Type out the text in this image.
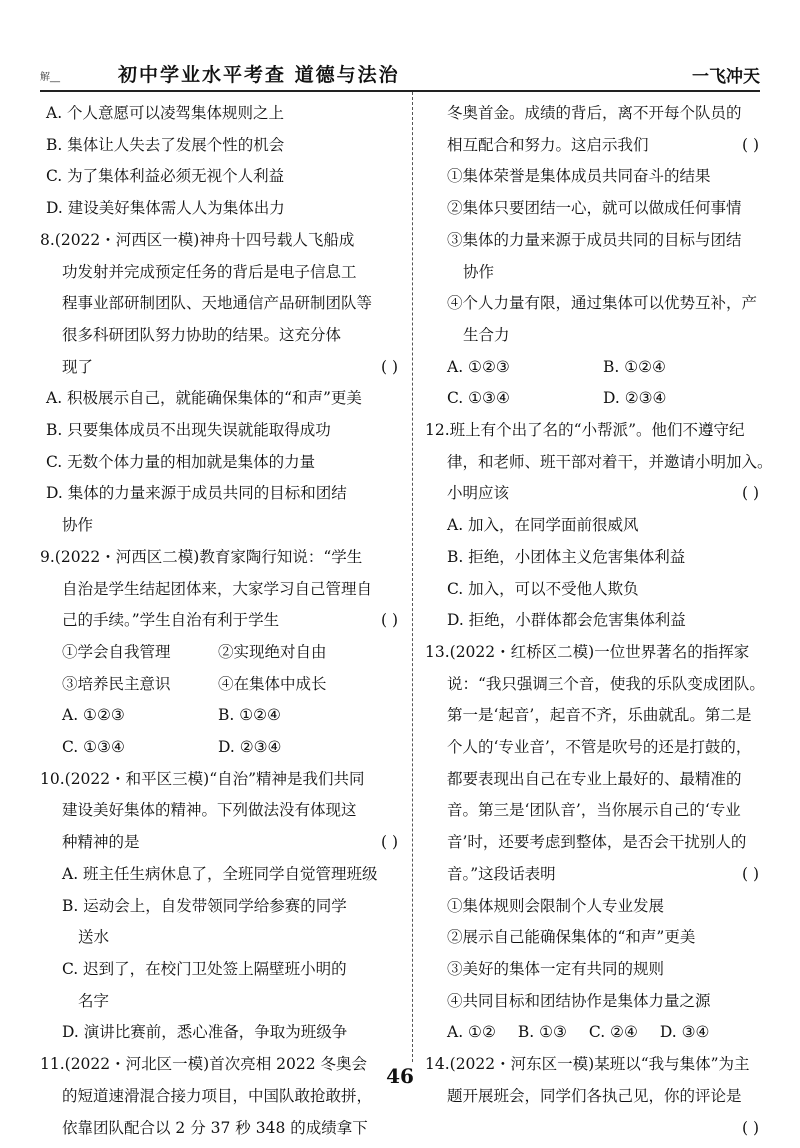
解__	初中学业水平考查 道德与法治	一飞冲天
A. 个人意愿可以凌驾集体规则之上
B. 集体让人失去了发展个性的机会
C. 为了集体利益必须无视个人利益
D. 建设美好集体需人人为集体出力
8.(2022・河西区一模)神舟十四号载人飞船成
功发射并完成预定任务的背后是电子信息工
程事业部研制团队、天地通信产品研制团队等
很多科研团队努力协助的结果。这充分体
( )
现了
A. 积极展示自己，就能确保集体的“和声”更美
B. 只要集体成员不出现失误就能取得成功
C. 无数个体力量的相加就是集体的力量
D. 集体的力量来源于成员共同的目标和团结
协作
9.(2022・河西区二模)教育家陶行知说：“学生
自治是学生结起团体来，大家学习自己管理自
( )
己的手续。”学生自治有利于学生
①学会自我管理	②实现绝对自由
③培养民主意识	④在集体中成长
A. ①②③	B. ①②④
C. ①③④	D. ②③④
10.(2022・和平区三模)“自治”精神是我们共同
建设美好集体的精神。下列做法没有体现这
( )
种精神的是
A. 班主任生病休息了，全班同学自觉管理班级
B. 运动会上，自发带领同学给参赛的同学
送水
C. 迟到了，在校门卫处签上隔壁班小明的
名字
D. 演讲比赛前，悉心准备，争取为班级争
11.(2022・河北区一模)首次亮相 2022 冬奥会
的短道速滑混合接力项目，中国队敢抢敢拼，
依靠团队配合以 2 分 37 秒 348 的成绩拿下
冬奥首金。成绩的背后，离不开每个队员的
( )
相互配合和努力。这启示我们
①集体荣誉是集体成员共同奋斗的结果
②集体只要团结一心，就可以做成任何事情
③集体的力量来源于成员共同的目标与团结
协作
④个人力量有限，通过集体可以优势互补，产
生合力
A. ①②③	B. ①②④
C. ①③④	D. ②③④
12.班上有个出了名的“小帮派”。他们不遵守纪
律，和老师、班干部对着干，并邀请小明加入。
( )
小明应该
A. 加入，在同学面前很威风
B. 拒绝，小团体主义危害集体利益
C. 加入，可以不受他人欺负
D. 拒绝，小群体都会危害集体利益
13.(2022・红桥区二模)一位世界著名的指挥家
说：“我只强调三个音，使我的乐队变成团队。
第一是‘起音’，起音不齐，乐曲就乱。第二是
个人的‘专业音’，不管是吹号的还是打鼓的，
都要表现出自己在专业上最好的、最精准的
音。第三是‘团队音’，当你展示自己的‘专业
音’时，还要考虑到整体，是否会干扰别人的
( )
音。”这段话表明
①集体规则会限制个人专业发展
②展示自己能确保集体的“和声”更美
③美好的集体一定有共同的规则
④共同目标和团结协作是集体力量之源
A. ①② B. ①③ C. ②④ D. ③④
14.(2022・河东区一模)某班以“我与集体”为主
题开展班会，同学们各执己见，你的评论是
( )
46
